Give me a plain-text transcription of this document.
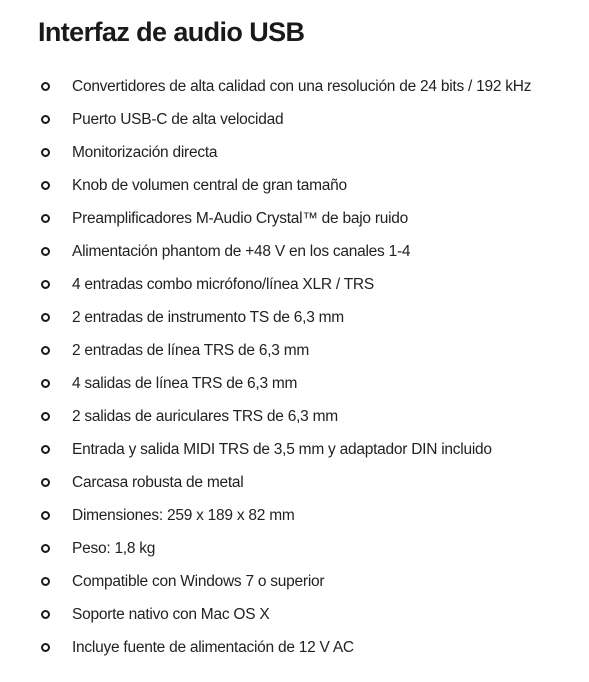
Interfaz de audio USB
Convertidores de alta calidad con una resolución de 24 bits / 192 kHz
Puerto USB-C de alta velocidad
Monitorización directa
Knob de volumen central de gran tamaño
Preamplificadores M-Audio Crystal™ de bajo ruido
Alimentación phantom de +48 V en los canales 1-4
4 entradas combo micrófono/línea XLR / TRS
2 entradas de instrumento TS de 6,3 mm
2 entradas de línea TRS de 6,3 mm
4 salidas de línea TRS de 6,3 mm
2 salidas de auriculares TRS de 6,3 mm
Entrada y salida MIDI TRS de 3,5 mm y adaptador DIN incluido
Carcasa robusta de metal
Dimensiones: 259 x 189 x 82 mm
Peso: 1,8 kg
Compatible con Windows 7 o superior
Soporte nativo con Mac OS X
Incluye fuente de alimentación de 12 V AC
